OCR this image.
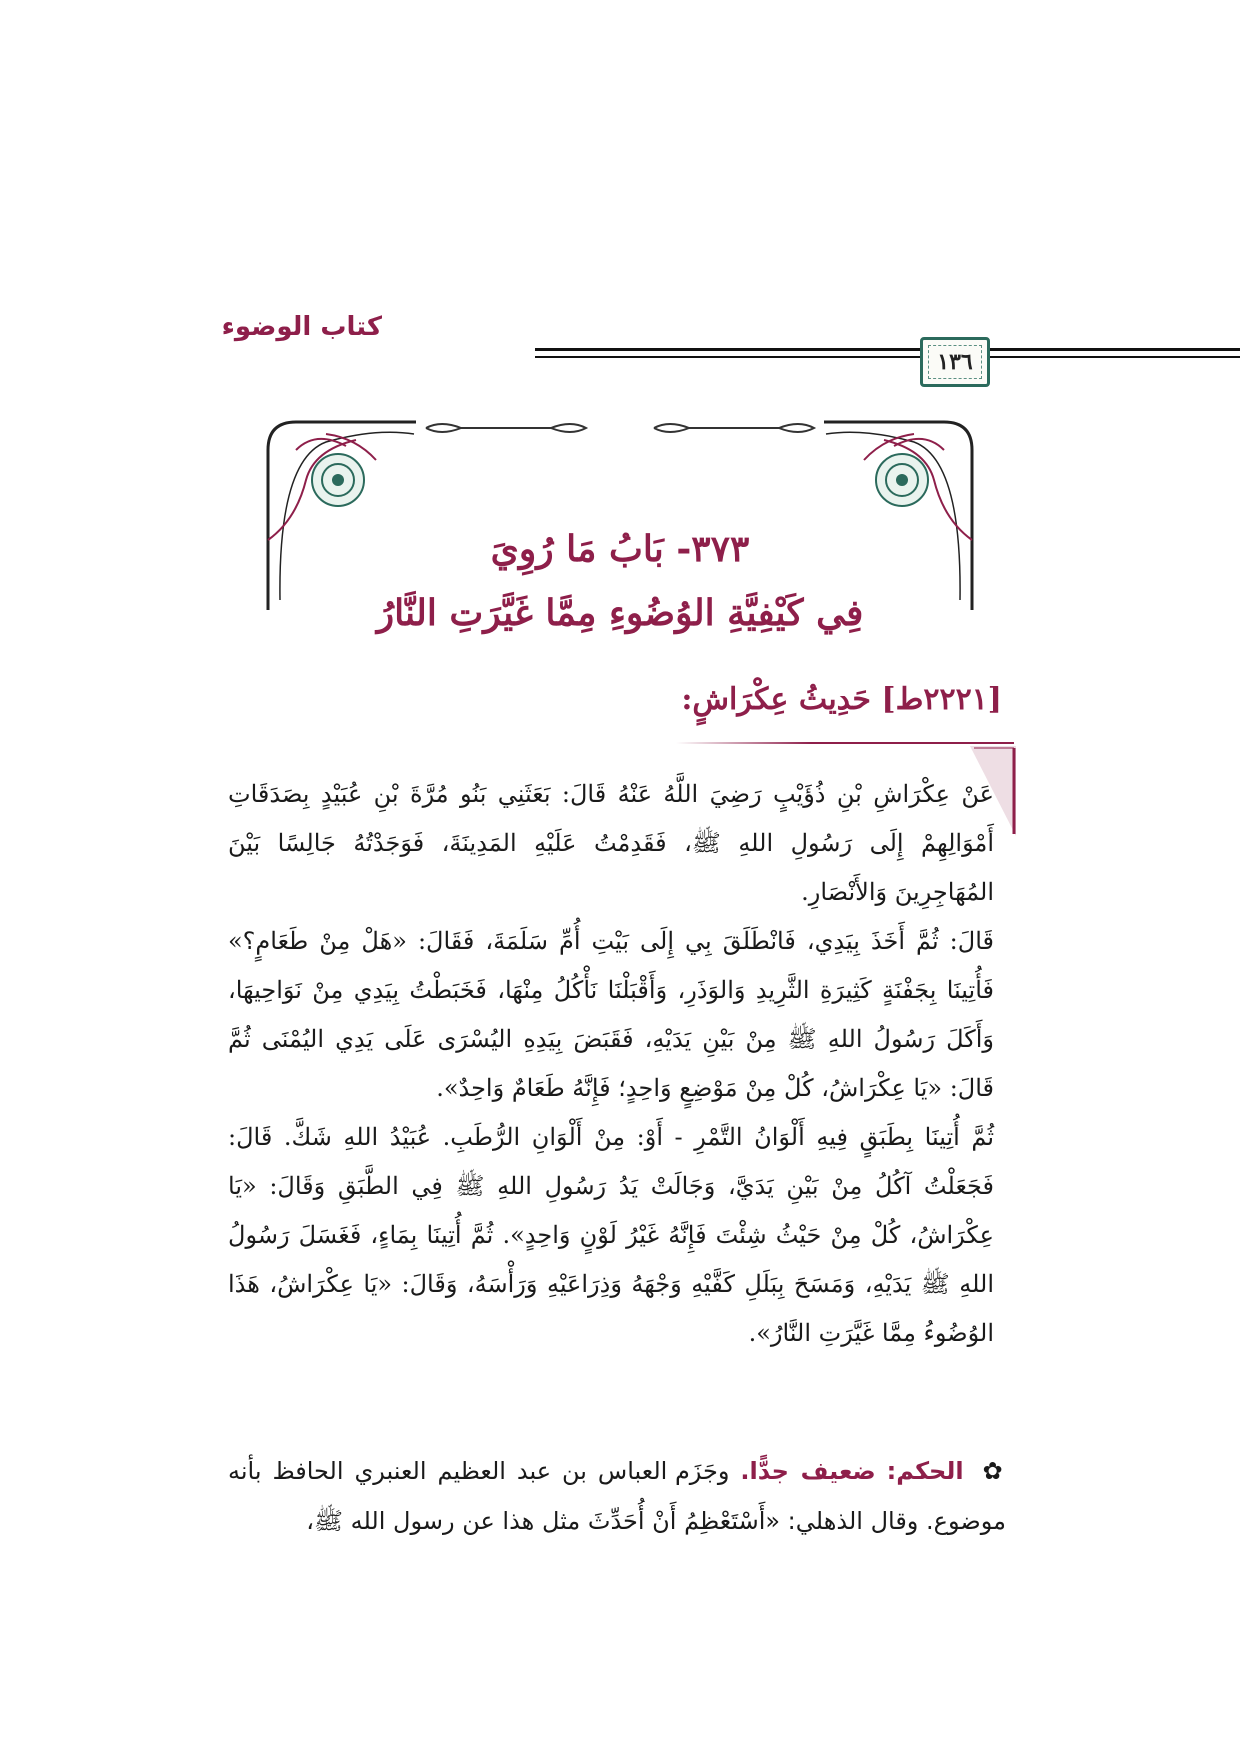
كتاب الوضوء
١٣٦
٣٧٣- بَابُ مَا رُوِيَ
فِي كَيْفِيَّةِ الوُضُوءِ مِمَّا غَيَّرَتِ النَّارُ
[٢٢٢١ط] حَدِيثُ عِكْرَاشٍ:

عَنْ عِكْرَاشِ بْنِ ذُؤَيْبٍ رَضِيَ اللَّهُ عَنْهُ قَالَ: بَعَثَنِي بَنُو مُرَّةَ بْنِ عُبَيْدٍ بِصَدَقَاتِ أَمْوَالِهِمْ إِلَى رَسُولِ اللهِ ﷺ، فَقَدِمْتُ عَلَيْهِ المَدِينَةَ، فَوَجَدْتُهُ جَالِسًا بَيْنَ المُهَاجِرِينَ وَالأَنْصَارِ.

قَالَ: ثُمَّ أَخَذَ بِيَدِي، فَانْطَلَقَ بِي إِلَى بَيْتِ أُمِّ سَلَمَةَ، فَقَالَ: «هَلْ مِنْ طَعَامٍ؟» فَأُتِينَا بِجَفْنَةٍ كَثِيرَةِ الثَّرِيدِ وَالوَذَرِ، وَأَقْبَلْنَا نَأْكُلُ مِنْهَا، فَخَبَطْتُ بِيَدِي مِنْ نَوَاحِيهَا، وَأَكَلَ رَسُولُ اللهِ ﷺ مِنْ بَيْنِ يَدَيْهِ، فَقَبَضَ بِيَدِهِ اليُسْرَى عَلَى يَدِي اليُمْنَى ثُمَّ قَالَ: «يَا عِكْرَاشُ، كُلْ مِنْ مَوْضِعٍ وَاحِدٍ؛ فَإِنَّهُ طَعَامٌ وَاحِدٌ».

ثُمَّ أُتِينَا بِطَبَقٍ فِيهِ أَلْوَانُ التَّمْرِ - أَوْ: مِنْ أَلْوَانِ الرُّطَبِ. عُبَيْدُ اللهِ شَكَّ. قَالَ: فَجَعَلْتُ آكُلُ مِنْ بَيْنِ يَدَيَّ، وَجَالَتْ يَدُ رَسُولِ اللهِ ﷺ فِي الطَّبَقِ وَقَالَ: «يَا عِكْرَاشُ، كُلْ مِنْ حَيْثُ شِئْتَ فَإِنَّهُ غَيْرُ لَوْنٍ وَاحِدٍ». ثُمَّ أُتِينَا بِمَاءٍ، فَغَسَلَ رَسُولُ اللهِ ﷺ يَدَيْهِ، وَمَسَحَ بِبَلَلِ كَفَّيْهِ وَجْهَهُ وَذِرَاعَيْهِ وَرَأْسَهُ، وَقَالَ: «يَا عِكْرَاشُ، هَذَا الوُضُوءُ مِمَّا غَيَّرَتِ النَّارُ».

✿ الحكم: ضعيف جدًّا. وجَزَم العباس بن عبد العظيم العنبري الحافظ بأنه موضوع. وقال الذهلي: «أَسْتَعْظِمُ أَنْ أُحَدِّثَ مثل هذا عن رسول الله ﷺ،
